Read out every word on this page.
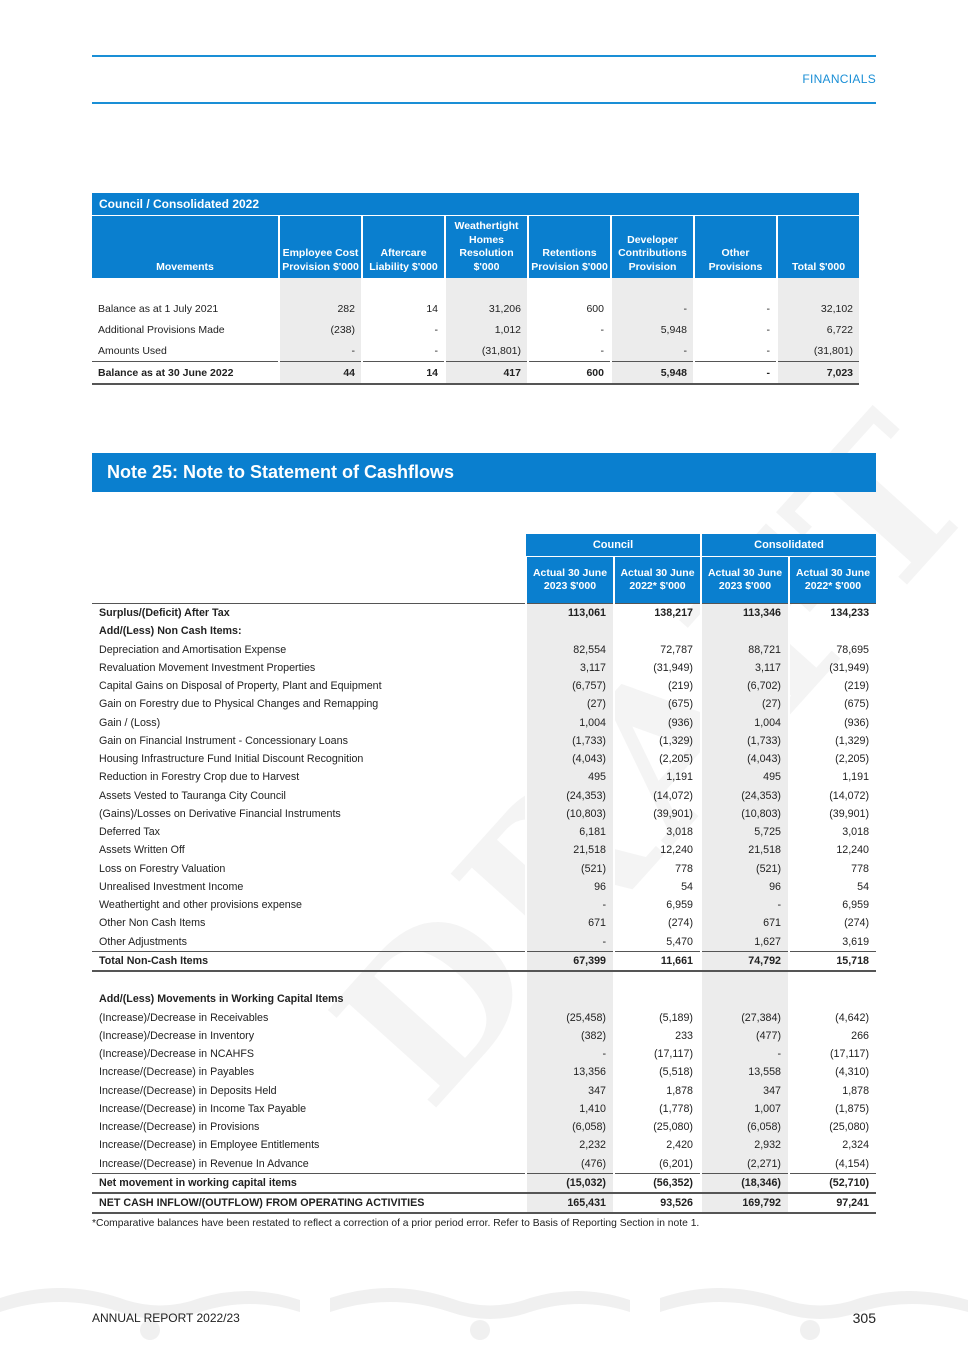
FINANCIALS
Council / Consolidated 2022							
Movements	Employee Cost Provision $'000	Aftercare Liability $'000	Weathertight Homes Resolution $'000	Retentions Provision $'000	Developer Contributions Provision	Other Provisions	Total $'000

Balance as at 1 July 2021	282	14	31,206	600	-	-	32,102
Additional Provisions Made	(238)	-	1,012	-	5,948	-	6,722
Amounts Used	-	-	(31,801)	-	-	-	(31,801)
Balance as at 30 June 2022	44	14	417	600	5,948	-	7,023
Note 25: Note to Statement of Cashflows
	Council		Consolidated	
	Actual 30 June 2023 $'000	Actual 30 June 2022* $'000	Actual 30 June 2023 $'000	Actual 30 June 2022* $'000
Surplus/(Deficit) After Tax	113,061	138,217	113,346	134,233
Add/(Less) Non Cash Items:				
Depreciation and Amortisation Expense	82,554	72,787	88,721	78,695
Revaluation Movement Investment Properties	3,117	(31,949)	3,117	(31,949)
Capital Gains on Disposal of Property, Plant and Equipment	(6,757)	(219)	(6,702)	(219)
Gain on Forestry due to Physical Changes and Remapping	(27)	(675)	(27)	(675)
Gain / (Loss)	1,004	(936)	1,004	(936)
Gain on Financial Instrument - Concessionary Loans	(1,733)	(1,329)	(1,733)	(1,329)
Housing Infrastructure Fund Initial Discount Recognition	(4,043)	(2,205)	(4,043)	(2,205)
Reduction in Forestry Crop due to Harvest	495	1,191	495	1,191
Assets Vested to Tauranga City Council	(24,353)	(14,072)	(24,353)	(14,072)
(Gains)/Losses on Derivative Financial Instruments	(10,803)	(39,901)	(10,803)	(39,901)
Deferred Tax	6,181	3,018	5,725	3,018
Assets Written Off	21,518	12,240	21,518	12,240
Loss on Forestry Valuation	(521)	778	(521)	778
Unrealised Investment Income	96	54	96	54
Weathertight and other provisions expense	-	6,959	-	6,959
Other Non Cash Items	671	(274)	671	(274)
Other Adjustments	-	5,470	1,627	3,619
Total Non-Cash Items	67,399	11,661	74,792	15,718

Add/(Less) Movements in Working Capital Items				
(Increase)/Decrease in Receivables	(25,458)	(5,189)	(27,384)	(4,642)
(Increase)/Decrease in Inventory	(382)	233	(477)	266
(Increase)/Decrease in NCAHFS	-	(17,117)	-	(17,117)
Increase/(Decrease) in Payables	13,356	(5,518)	13,558	(4,310)
Increase/(Decrease) in Deposits Held	347	1,878	347	1,878
Increase/(Decrease) in Income Tax Payable	1,410	(1,778)	1,007	(1,875)
Increase/(Decrease) in Provisions	(6,058)	(25,080)	(6,058)	(25,080)
Increase/(Decrease) in Employee Entitlements	2,232	2,420	2,932	2,324
Increase/(Decrease) in Revenue In Advance	(476)	(6,201)	(2,271)	(4,154)
Net movement in working capital items	(15,032)	(56,352)	(18,346)	(52,710)
NET CASH INFLOW/(OUTFLOW) FROM OPERATING ACTIVITIES	165,431	93,526	169,792	97,241
*Comparative balances have been restated to reflect a correction of a prior period error. Refer to Basis of Reporting Section in note 1.
ANNUAL REPORT 2022/23	305
